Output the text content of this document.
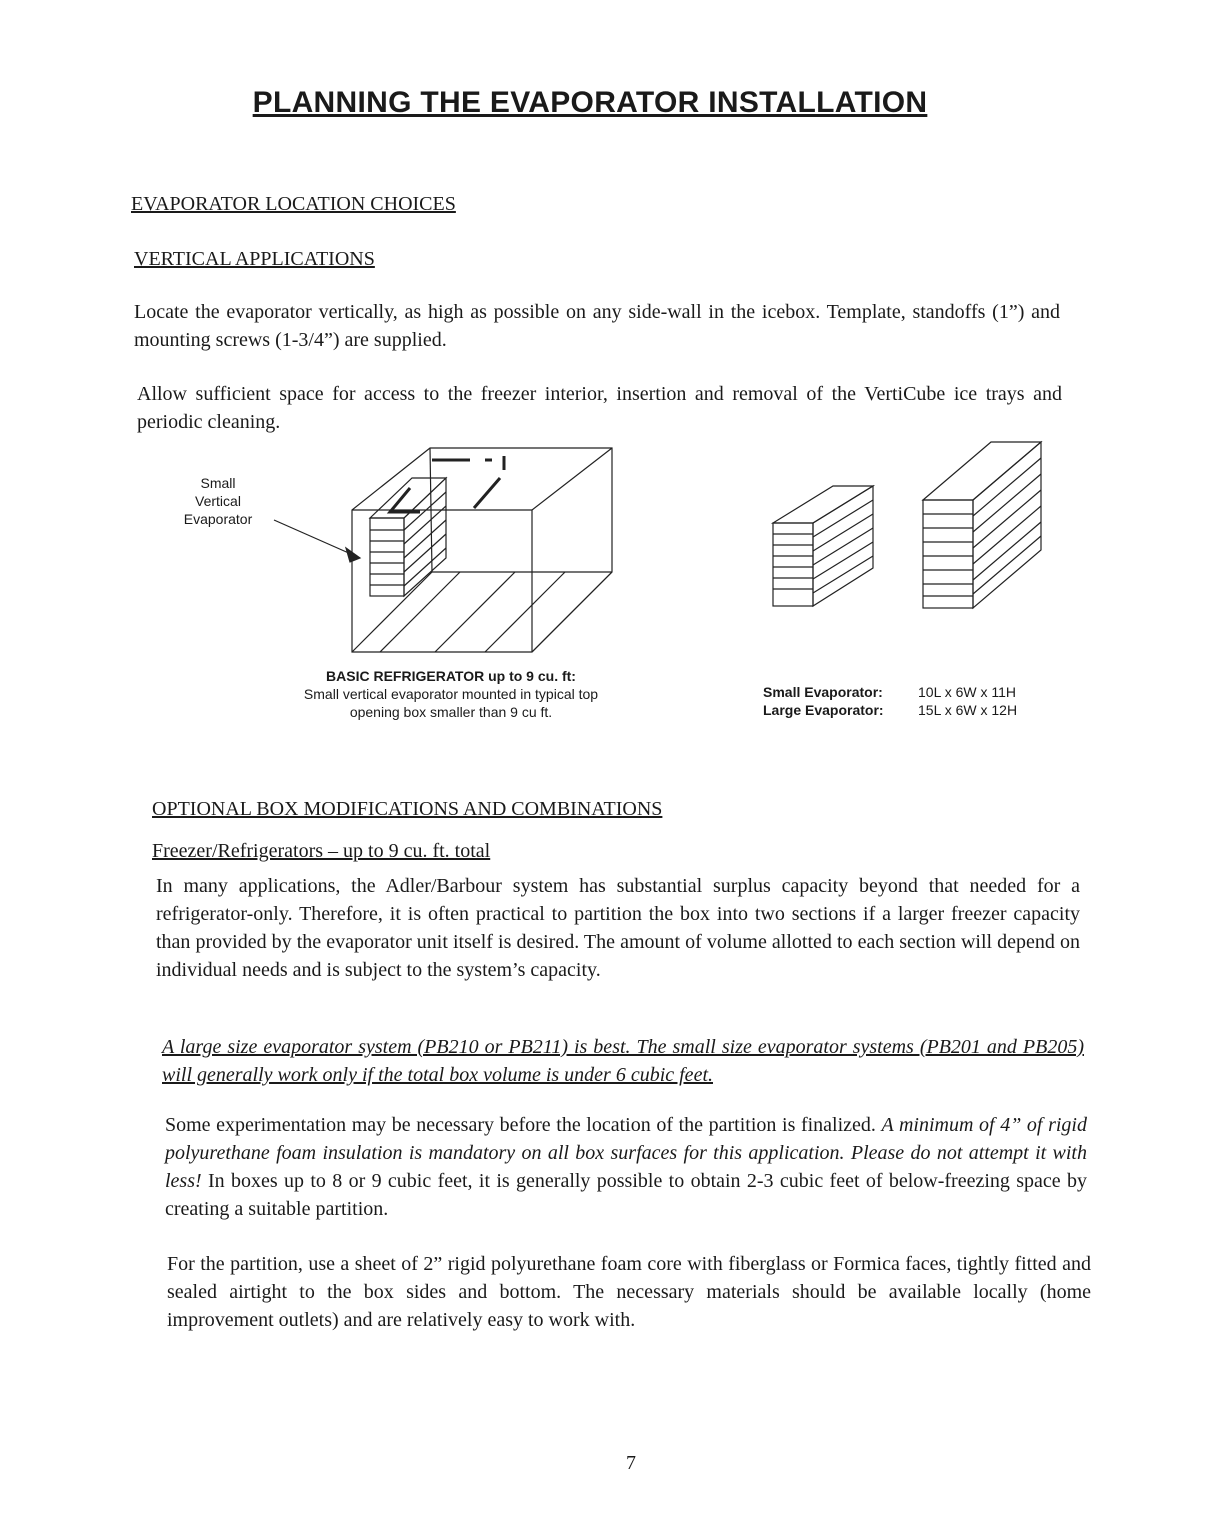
PLANNING THE EVAPORATOR INSTALLATION
EVAPORATOR LOCATION CHOICES
VERTICAL APPLICATIONS
Locate the evaporator vertically, as high as possible on any side-wall in the icebox. Template, standoffs (1”) and mounting screws (1-3/4”) are supplied.
Allow sufficient space for access to the freezer interior, insertion and removal of the VertiCube ice trays and periodic cleaning.
Small
Vertical
Evaporator
BASIC REFRIGERATOR up to 9 cu. ft:
Small vertical evaporator mounted in typical top
opening box smaller than 9 cu ft.
Small Evaporator:	10L x 6W x 11H
Large Evaporator: 15L x 6W x 12H
OPTIONAL BOX MODIFICATIONS AND COMBINATIONS
Freezer/Refrigerators – up to 9 cu. ft. total
In many applications, the Adler/Barbour system has substantial surplus capacity beyond that needed for a refrigerator-only. Therefore, it is often practical to partition the box into two sections if a larger freezer capacity than provided by the evaporator unit itself is desired. The amount of volume allotted to each section will depend on individual needs and is subject to the system’s capacity.
A large size evaporator system (PB210 or PB211) is best. The small size evaporator systems (PB201 and PB205) will generally work only if the total box volume is under 6 cubic feet.
Some experimentation may be necessary before the location of the partition is finalized. A minimum of 4” of rigid polyurethane foam insulation is mandatory on all box surfaces for this application. Please do not attempt it with less! In boxes up to 8 or 9 cubic feet, it is generally possible to obtain 2-3 cubic feet of below-freezing space by creating a suitable partition.
For the partition, use a sheet of 2” rigid polyurethane foam core with fiberglass or Formica faces, tightly fitted and sealed airtight to the box sides and bottom. The necessary materials should be available locally (home improvement outlets) and are relatively easy to work with.
7
